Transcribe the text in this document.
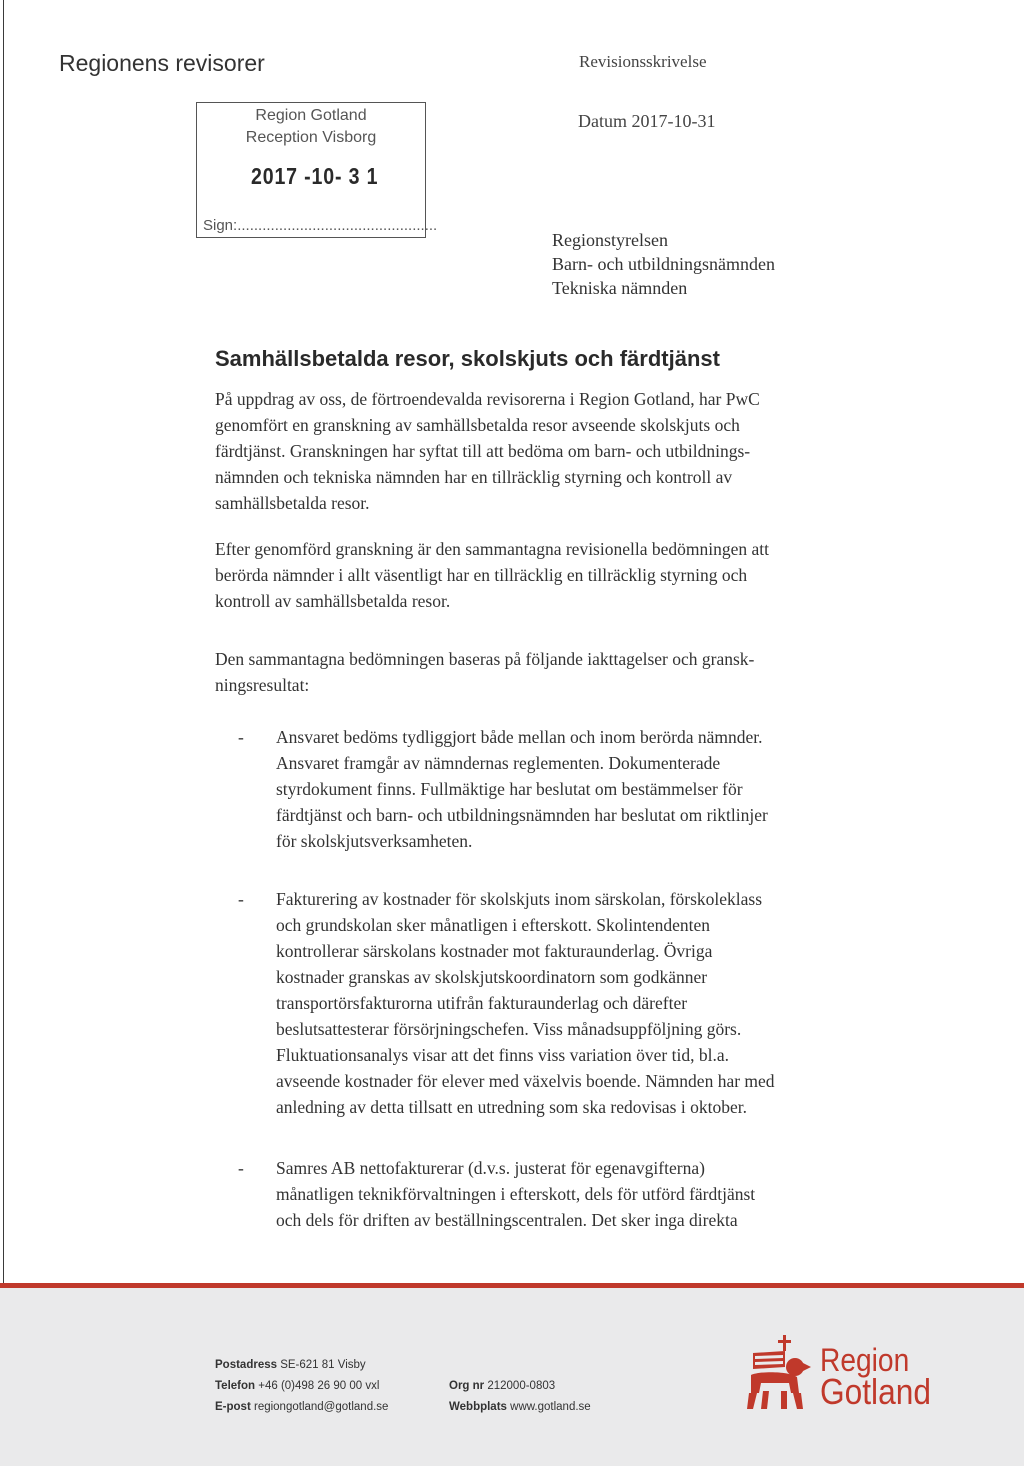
Regionens revisorer	Revisionsskrivelse
Datum 2017-10-31
Region Gotland
Reception Visborg
2017 -10- 3 1
Sign:................................................
Regionstyrelsen
Barn- och utbildningsnämnden
Tekniska nämnden
Samhällsbetalda resor, skolskjuts och färdtjänst
På uppdrag av oss, de förtroendevalda revisorerna i Region Gotland, har PwC
genomfört en granskning av samhällsbetalda resor avseende skolskjuts och
färdtjänst. Granskningen har syftat till att bedöma om barn- och utbildnings-
nämnden och tekniska nämnden har en tillräcklig styrning och kontroll av
samhällsbetalda resor.
Efter genomförd granskning är den sammantagna revisionella bedömningen att
berörda nämnder i allt väsentligt har en tillräcklig en tillräcklig styrning och
kontroll av samhällsbetalda resor.
Den sammantagna bedömningen baseras på följande iakttagelser och gransk-
ningsresultat:
- Ansvaret bedöms tydliggjort både mellan och inom berörda nämnder.
Ansvaret framgår av nämndernas reglementen. Dokumenterade
styrdokument finns. Fullmäktige har beslutat om bestämmelser för
färdtjänst och barn- och utbildningsnämnden har beslutat om riktlinjer
för skolskjutsverksamheten.
- Fakturering av kostnader för skolskjuts inom särskolan, förskoleklass
och grundskolan sker månatligen i efterskott. Skolintendenten
kontrollerar särskolans kostnader mot fakturaunderlag. Övriga
kostnader granskas av skolskjutskoordinatorn som godkänner
transportörsfakturorna utifrån fakturaunderlag och därefter
beslutsattesterar försörjningschefen. Viss månadsuppföljning görs.
Fluktuationsanalys visar att det finns viss variation över tid, bl.a.
avseende kostnader för elever med växelvis boende. Nämnden har med
anledning av detta tillsatt en utredning som ska redovisas i oktober.
- Samres AB nettofakturerar (d.v.s. justerat för egenavgifterna)
månatligen teknikförvaltningen i efterskott, dels för utförd färdtjänst
och dels för driften av beställningscentralen. Det sker inga direkta
Postadress SE-621 81 Visby
Telefon +46 (0)498 26 90 00 vxl
E-post regiongotland@gotland.se
Org nr 212000-0803
Webbplats www.gotland.se
Region
Gotland
